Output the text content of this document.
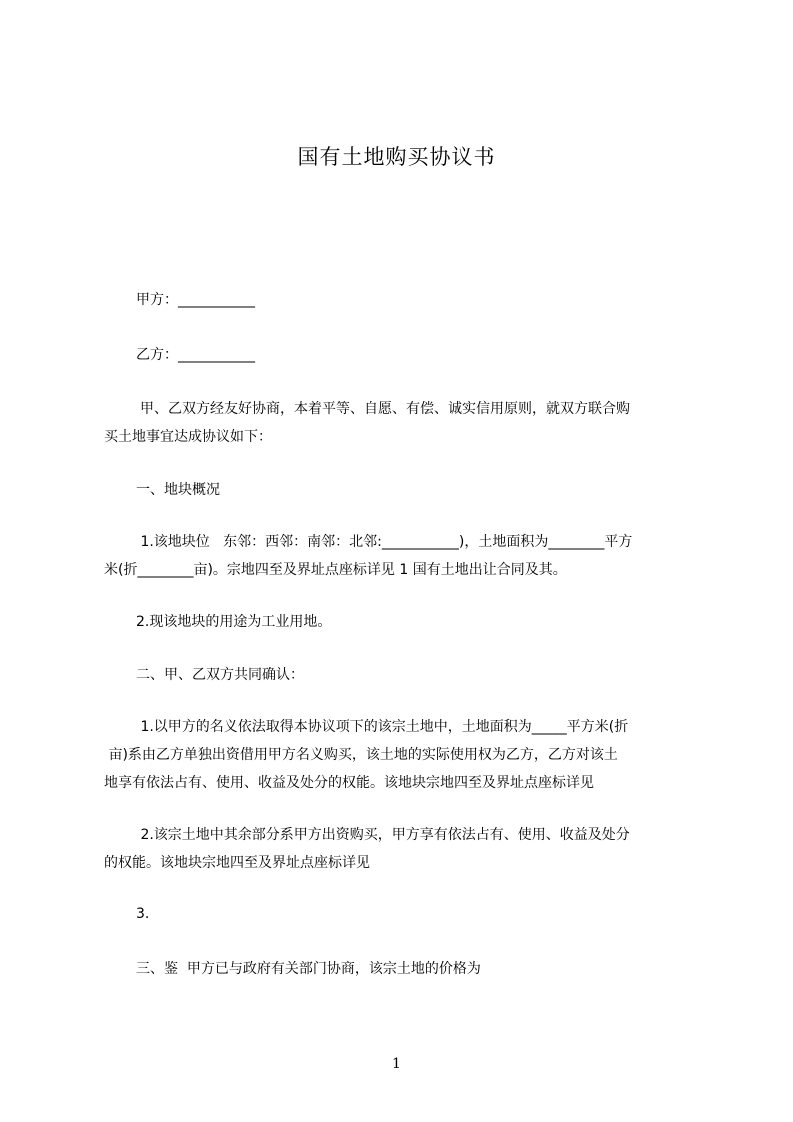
国有土地购买协议书
甲方：___________
乙方：___________
甲、乙双方经友好协商，本着平等、自愿、有偿、诚实信用原则，就双方联合购
买土地事宜达成协议如下：
一、地块概况
1.该地块位   东邻：西邻：南邻：北邻:___________)，土地面积为________平方
米(折________亩)。宗地四至及界址点座标详见 1 国有土地出让合同及其。
2.现该地块的用途为工业用地。
二、甲、乙双方共同确认：
1.以甲方的名义依法取得本协议项下的该宗土地中，土地面积为_____平方米(折
亩)系由乙方单独出资借用甲方名义购买，该土地的实际使用权为乙方，乙方对该土
地享有依法占有、使用、收益及处分的权能。该地块宗地四至及界址点座标详见
2.该宗土地中其余部分系甲方出资购买，甲方享有依法占有、使用、收益及处分
的权能。该地块宗地四至及界址点座标详见
3.
三、鉴  甲方已与政府有关部门协商，该宗土地的价格为
1
